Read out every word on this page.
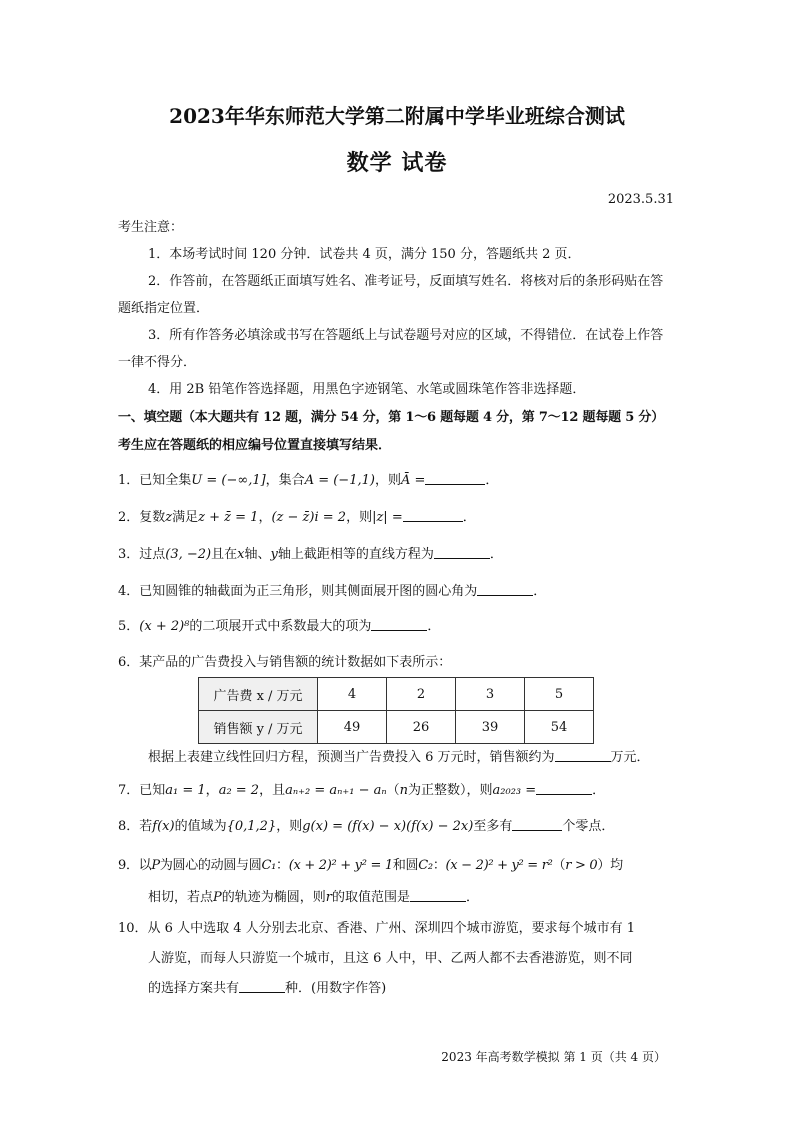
2023年华东师范大学第二附属中学毕业班综合测试
数学 试卷
2023.5.31
考生注意：
1．本场考试时间 120 分钟．试卷共 4 页，满分 150 分，答题纸共 2 页．
2．作答前，在答题纸正面填写姓名、准考证号，反面填写姓名．将核对后的条形码贴在答
题纸指定位置．
3．所有作答务必填涂或书写在答题纸上与试卷题号对应的区域，不得错位．在试卷上作答
一律不得分．
4．用 2B 铅笔作答选择题，用黑色字迹钢笔、水笔或圆珠笔作答非选择题．
一、填空题（本大题共有 12 题，满分 54 分，第 1～6 题每题 4 分，第 7～12 题每题 5 分）
考生应在答题纸的相应编号位置直接填写结果．
1．已知全集U = (−∞,1]，集合A = (−1,1)，则Ā =	．
2．复数z满足z + z̄ = 1，(z − z̄)i = 2，则|z| =	．
3．过点(3, −2)且在x轴、y轴上截距相等的直线方程为	．
4．已知圆锥的轴截面为正三角形，则其侧面展开图的圆心角为	．
5．(x + 2)⁸的二项展开式中系数最大的项为	．
6．某产品的广告费投入与销售额的统计数据如下表所示：
广告费 x / 万元	4	2	3	5
销售额 y / 万元	49	26	39	54
根据上表建立线性回归方程，预测当广告费投入 6 万元时，销售额约为	万元．
7．已知a₁ = 1，a₂ = 2，且aₙ₊₂ = aₙ₊₁ − aₙ（n为正整数），则a₂₀₂₃ =	．
8．若f(x)的值域为{0,1,2}，则g(x) = (f(x) − x)(f(x) − 2x)至多有	个零点．
9．以P为圆心的动圆与圆C₁：(x + 2)² + y² = 1和圆C₂：(x − 2)² + y² = r²（r > 0）均
相切，若点P的轨迹为椭圆，则r的取值范围是	．
10．从 6 人中选取 4 人分别去北京、香港、广州、深圳四个城市游览，要求每个城市有 1
人游览，而每人只游览一个城市，且这 6 人中，甲、乙两人都不去香港游览，则不同
的选择方案共有	种．(用数字作答)
2023 年高考数学模拟 第 1 页（共 4 页）
